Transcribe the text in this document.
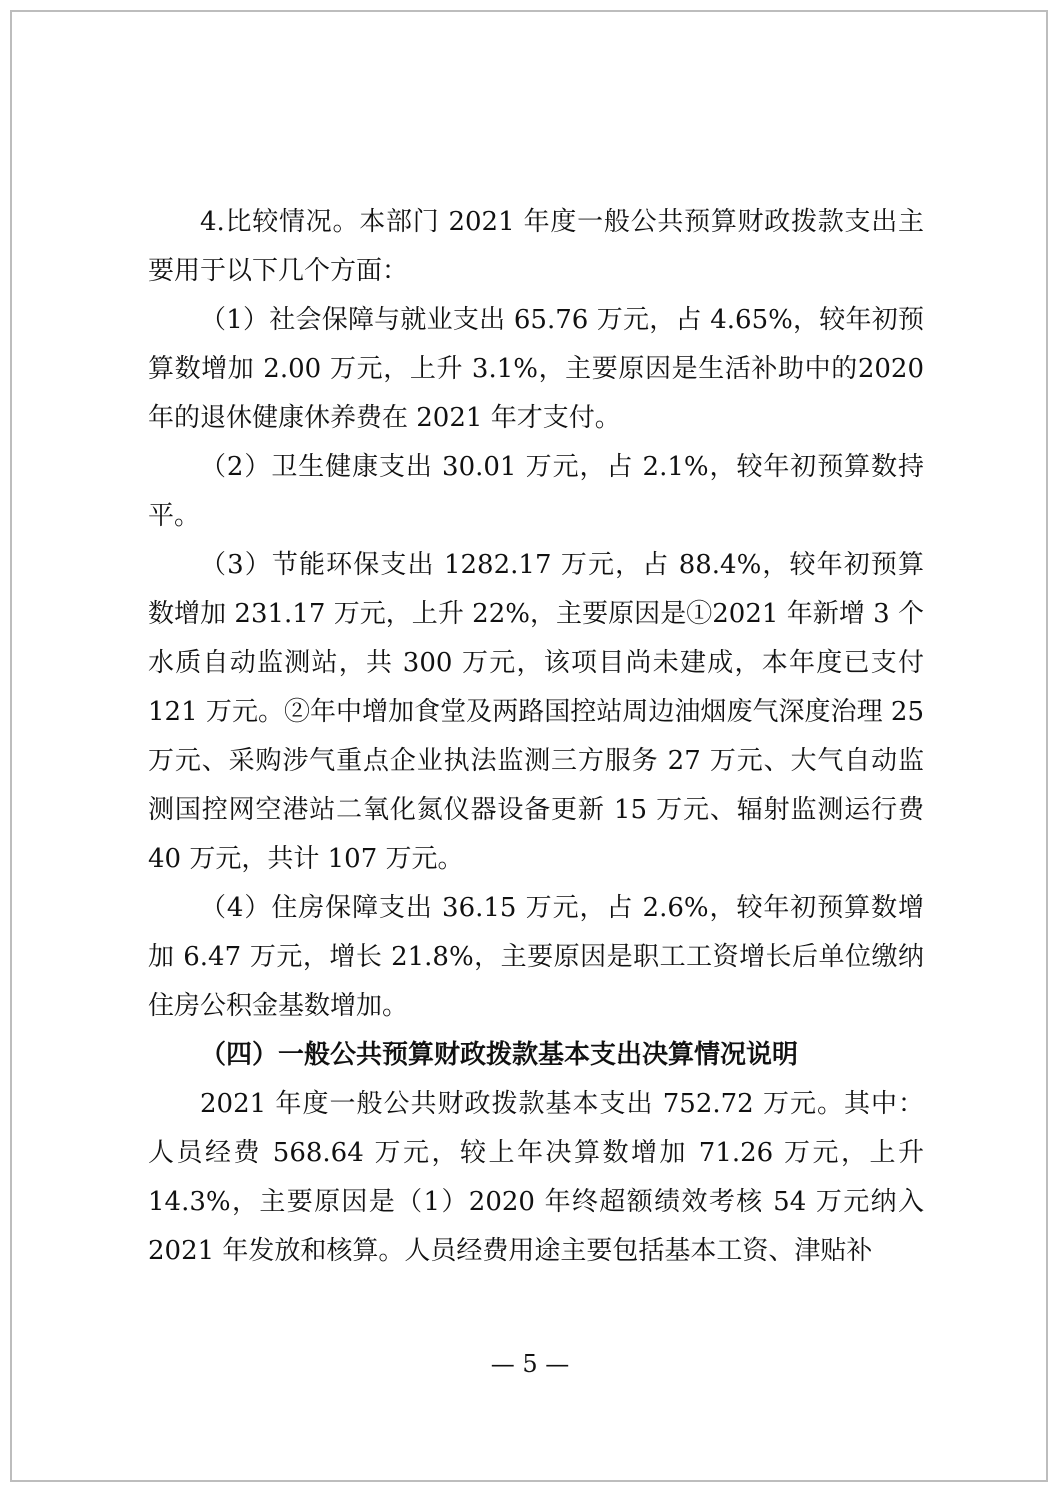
4.比较情况。本部门 2021 年度一般公共预算财政拨款支出主要用于以下几个方面：

（1）社会保障与就业支出 65.76 万元，占 4.65%，较年初预算数增加 2.00 万元，上升 3.1%，主要原因是生活补助中的2020 年的退休健康休养费在 2021 年才支付。

（2）卫生健康支出 30.01 万元，占 2.1%，较年初预算数持平。

（3）节能环保支出 1282.17 万元，占 88.4%，较年初预算数增加 231.17 万元，上升 22%，主要原因是①2021 年新增 3 个水质自动监测站，共 300 万元，该项目尚未建成，本年度已支付 121 万元。②年中增加食堂及两路国控站周边油烟废气深度治理 25 万元、采购涉气重点企业执法监测三方服务 27 万元、大气自动监测国控网空港站二氧化氮仪器设备更新 15 万元、辐射监测运行费 40 万元，共计 107 万元。

（4）住房保障支出 36.15 万元，占 2.6%，较年初预算数增加 6.47 万元，增长 21.8%，主要原因是职工工资增长后单位缴纳住房公积金基数增加。

（四）一般公共预算财政拨款基本支出决算情况说明

2021 年度一般公共财政拨款基本支出 752.72 万元。其中：人员经费 568.64 万元，较上年决算数增加 71.26 万元，上升14.3%，主要原因是（1）2020 年终超额绩效考核 54 万元纳入2021 年发放和核算。人员经费用途主要包括基本工资、津贴补

— 5 —
